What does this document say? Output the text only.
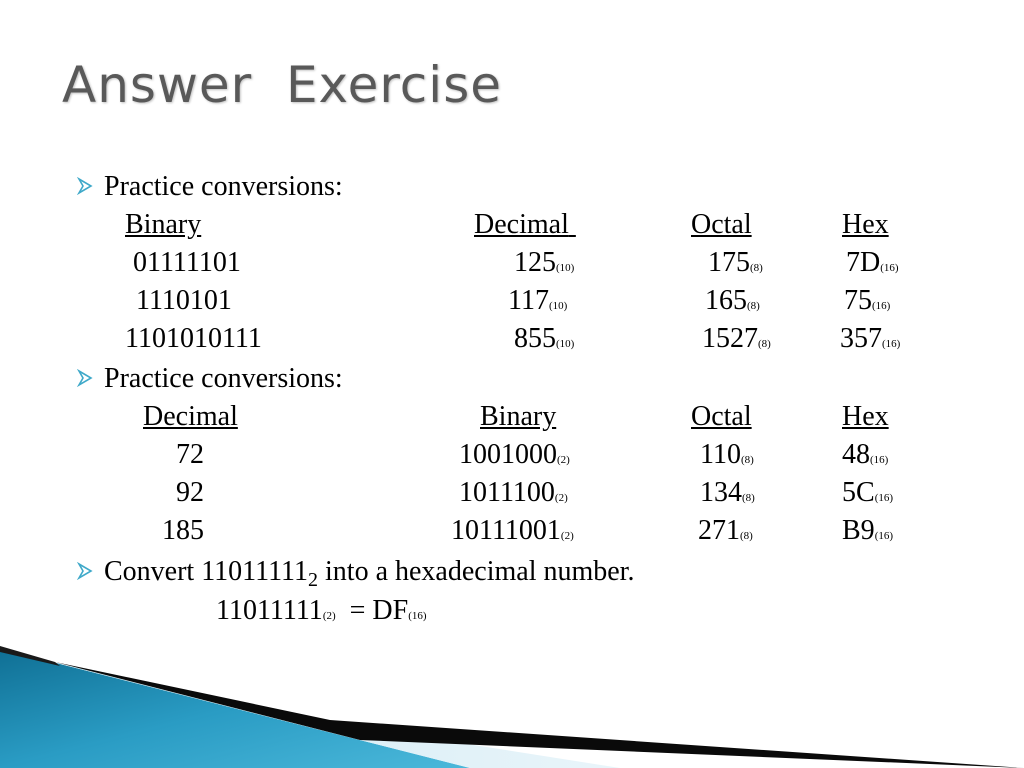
Answer  Exercise
Practice conversions:
Binary	Decimal	Octal	Hex
01111101	125(10)	175(8)	7D(16)
1110101	117(10)	165(8)	75(16)
1101010111	855(10)	1527(8) 357(16)
Practice conversions:
Decimal	Binary	Octal	Hex
72	1001000(2)	110(8)	48(16)
92	1011100(2)	134(8)	5C(16)
185	10111001(2)	271(8)	B9(16)
Convert $11011111_2$ into a hexadecimal number.
11011111(2)  = DF(16)
